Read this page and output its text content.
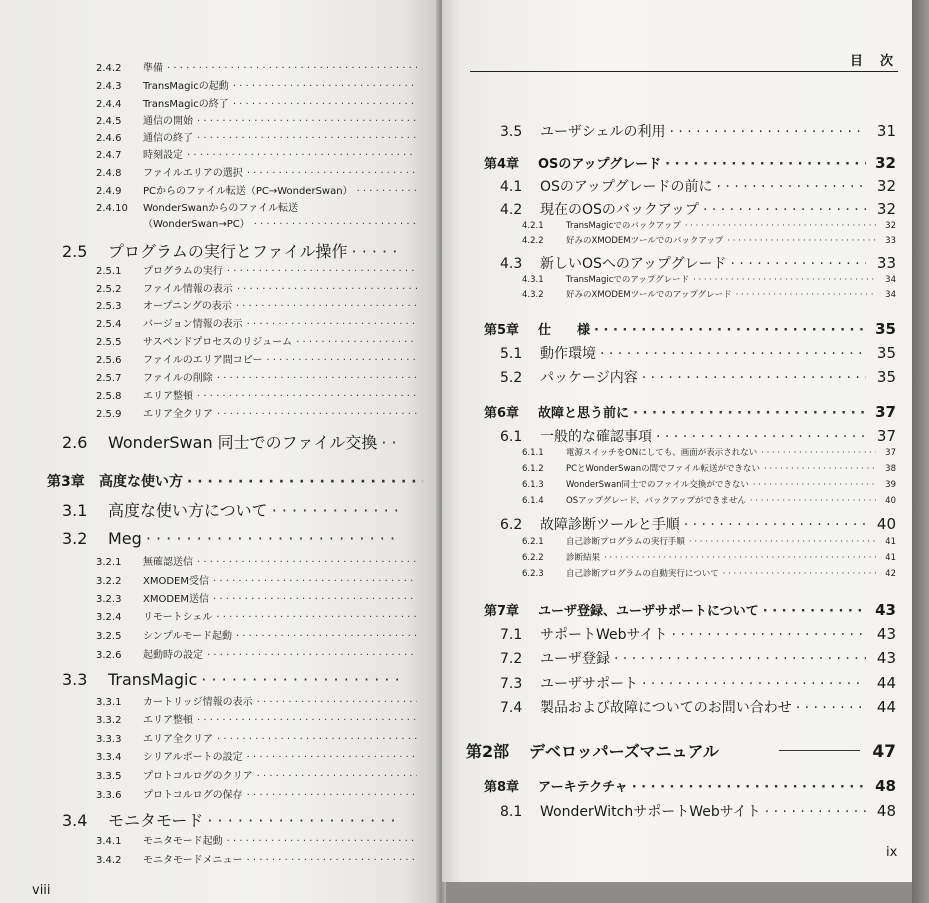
2.4.2	準備
· · ·
2.4.3	TransMagicの起動
· · ·
2.4.4	TransMagicの終了
· · ·
2.4.5	通信の開始
· · ·
2.4.6	通信の終了
· · ·
2.4.7	時刻設定
· · ·
2.4.8	ファイルエリアの選択
· · ·
2.4.9	PCからのファイル転送（PC→WonderSwan）
· · ·
2.4.10	WonderSwanからのファイル転送
（WonderSwan→PC）
· · ·
2.5	プログラムの実行とファイル操作
· · ·
2.5.1	プログラムの実行
· · ·
2.5.2	ファイル情報の表示
· · ·
2.5.3	オープニングの表示
· · ·
2.5.4	バージョン情報の表示
· · ·
2.5.5	サスペンドプロセスのリジューム
· · ·
2.5.6	ファイルのエリア間コピー
· · ·
2.5.7	ファイルの削除
· · ·
2.5.8	エリア整頓
· · ·
2.5.9	エリア全クリア
· · ·
2.6	WonderSwan 同士でのファイル交換
· · ·
第3章	高度な使い方
· · ·
3.1	高度な使い方について
· · ·
3.2	Meg
· · ·
3.2.1	無確認送信
· · ·
3.2.2	XMODEM受信
· · ·
3.2.3	XMODEM送信
· · ·
3.2.4	リモートシェル
· · ·
3.2.5	シンプルモード起動
· · ·
3.2.6	起動時の設定
· · ·
3.3	TransMagic
· · ·
3.3.1	カートリッジ情報の表示
· · ·
3.3.2	エリア整頓
· · ·
3.3.3	エリア全クリア
· · ·
3.3.4	シリアルポートの設定
· · ·
3.3.5	プロトコルログのクリア
· · ·
3.3.6	プロトコルログの保存
· · ·
3.4	モニタモード
· · ·
3.4.1	モニタモード起動
· · ·
3.4.2	モニタモードメニュー
· · ·
viii
目　次
3.5	ユーザシェルの利用 · · ·	31
第4章	OSのアップグレード · · ·	32
4.1	OSのアップグレードの前に · · ·	32
4.2	現在のOSのバックアップ · · ·	32
4.2.1	TransMagicでのバックアップ · · ·	32
4.2.2	好みのXMODEMツールでのバックアップ · · ·	33
4.3	新しいOSへのアップグレード · · ·	33
4.3.1	TransMagicでのアップグレード · · ·	34
4.3.2	好みのXMODEMツールでのアップグレード · · ·	34
第5章	仕　　様 · · ·	35
5.1	動作環境 · · ·	35
5.2	パッケージ内容 · · ·	35
第6章	故障と思う前に · · ·	37
6.1	一般的な確認事項 · · ·	37
6.1.1	電源スイッチをONにしても、画面が表示されない · · ·	37
6.1.2	PCとWonderSwanの間でファイル転送ができない · · ·	38
6.1.3	WonderSwan同士でのファイル交換ができない · · ·	39
6.1.4	OSアップグレード、バックアップができません · · ·	40
6.2	故障診断ツールと手順 · · ·	40
6.2.1	自己診断プログラムの実行手順 · · ·	41
6.2.2	診断結果 · · ·	41
6.2.3	自己診断プログラムの自動実行について · · ·	42
第7章	ユーザ登録、ユーザサポートについて · · ·	43
7.1	サポートWebサイト · · ·	43
7.2	ユーザ登録 · · ·	43
7.3	ユーザサポート · · ·	44
7.4	製品および故障についてのお問い合わせ · · ·	44
第2部	デベロッパーズマニュアル	47
第8章	アーキテクチャ · · ·	48
8.1	WonderWitchサポートWebサイト · · ·	48
ix
